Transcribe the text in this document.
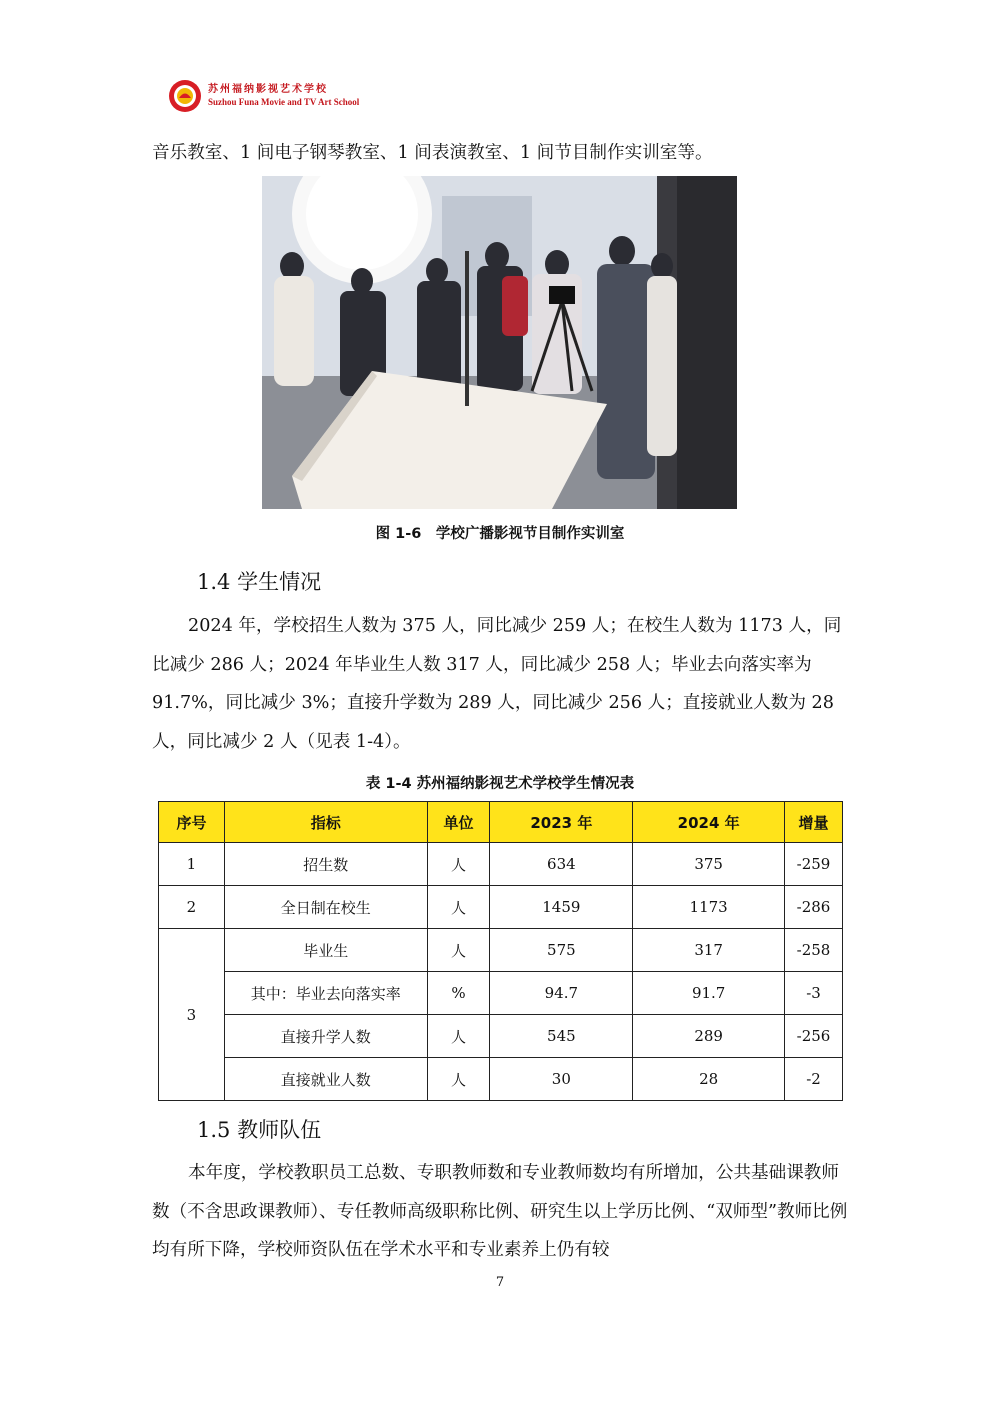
苏州福纳影视艺术学校
Suzhou Funa Movie and TV Art School

音乐教室、1 间电子钢琴教室、1 间表演教室、1 间节目制作实训室等。

图 1-6　学校广播影视节目制作实训室
1.4 学生情况

2024 年，学校招生人数为 375 人，同比减少 259 人；在校生人数为 1173 人，同比减少 286 人；2024 年毕业生人数 317 人，同比减少 258 人；毕业去向落实率为 91.7%，同比减少 3%；直接升学数为 289 人，同比减少 256 人；直接就业人数为 28 人，同比减少 2 人（见表 1-4）。

表 1-4 苏州福纳影视艺术学校学生情况表
序号	指标	单位	2023 年	2024 年	增量
1	招生数	人	634	375	-259
2	全日制在校生	人	1459	1173	-286
3	毕业生	人	575	317	-258
	其中：毕业去向落实率	%	94.7	91.7	-3
	直接升学人数	人	545	289	-256
	直接就业人数	人	30	28	-2
1.5 教师队伍

本年度，学校教职员工总数、专职教师数和专业教师数均有所增加，公共基础课教师数（不含思政课教师）、专任教师高级职称比例、研究生以上学历比例、“双师型”教师比例均有所下降，学校师资队伍在学术水平和专业素养上仍有较

7
